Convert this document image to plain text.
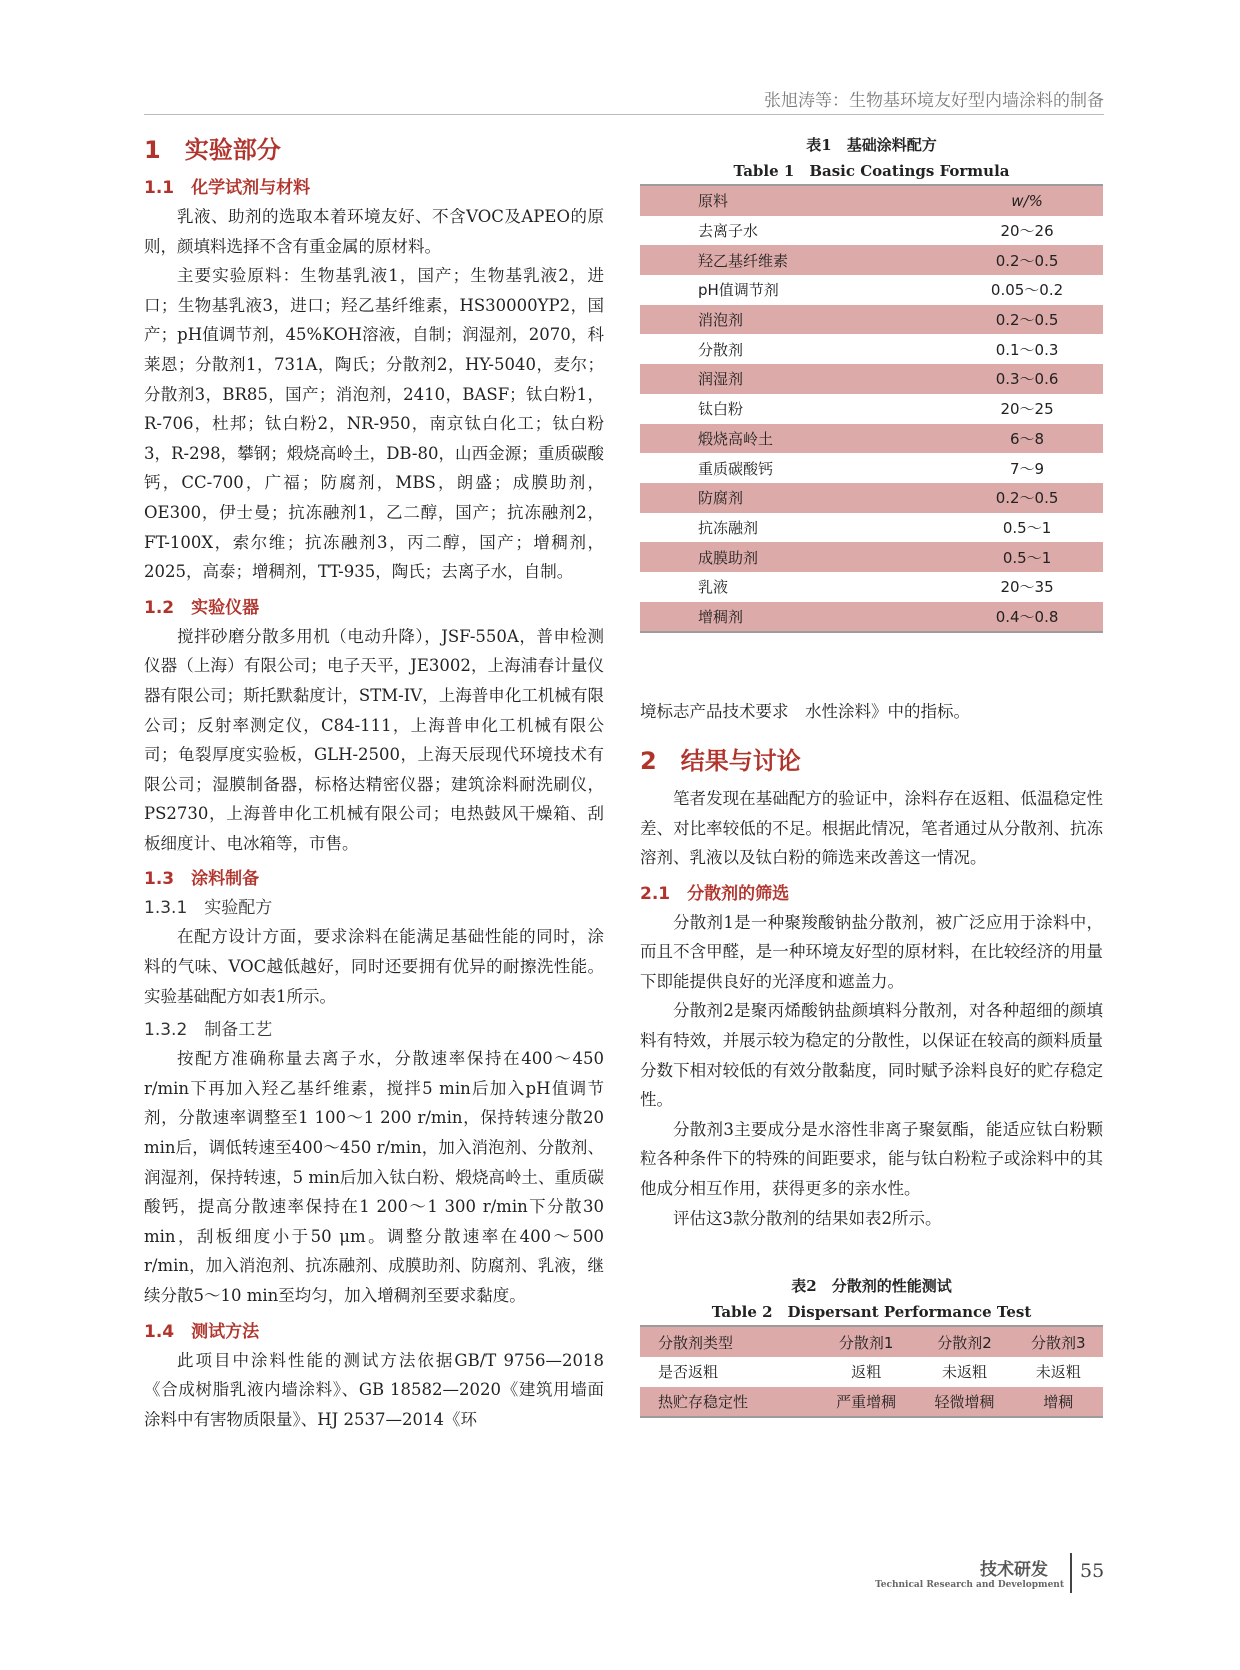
张旭涛等：生物基环境友好型内墙涂料的制备
1　实验部分
1.1　化学试剂与材料

乳液、助剂的选取本着环境友好、不含VOC及APEO的原则，颜填料选择不含有重金属的原材料。

主要实验原料：生物基乳液1，国产；生物基乳液2，进口；生物基乳液3，进口；羟乙基纤维素，HS30000YP2，国产；pH值调节剂，45%KOH溶液，自制；润湿剂，2070，科莱恩；分散剂1，731A，陶氏；分散剂2，HY-5040，麦尔；分散剂3，BR85，国产；消泡剂，2410，BASF；钛白粉1，R-706，杜邦；钛白粉2，NR-950，南京钛白化工；钛白粉3，R-298，攀钢；煅烧高岭土，DB-80，山西金源；重质碳酸钙，CC-700，广福；防腐剂，MBS，朗盛；成膜助剂，OE300，伊士曼；抗冻融剂1，乙二醇，国产；抗冻融剂2，FT-100X，索尔维；抗冻融剂3，丙二醇，国产；增稠剂，2025，高泰；增稠剂，TT-935，陶氏；去离子水，自制。

1.2　实验仪器

搅拌砂磨分散多用机（电动升降），JSF-550A，普申检测仪器（上海）有限公司；电子天平，JE3002，上海浦春计量仪器有限公司；斯托默黏度计，STM-IV，上海普申化工机械有限公司；反射率测定仪，C84-111，上海普申化工机械有限公司；龟裂厚度实验板，GLH-2500，上海天辰现代环境技术有限公司；湿膜制备器，标格达精密仪器；建筑涂料耐洗刷仪，PS2730，上海普申化工机械有限公司；电热鼓风干燥箱、刮板细度计、电冰箱等，市售。

1.3　涂料制备
1.3.1　实验配方

在配方设计方面，要求涂料在能满足基础性能的同时，涂料的气味、VOC越低越好，同时还要拥有优异的耐擦洗性能。实验基础配方如表1所示。

1.3.2　制备工艺

按配方准确称量去离子水，分散速率保持在400～450 r/min下再加入羟乙基纤维素，搅拌5 min后加入pH值调节剂，分散速率调整至1 100～1 200 r/min，保持转速分散20 min后，调低转速至400～450 r/min，加入消泡剂、分散剂、润湿剂，保持转速，5 min后加入钛白粉、煅烧高岭土、重质碳酸钙，提高分散速率保持在1 200～1 300 r/min下分散30 min，刮板细度小于50 μm。调整分散速率在400～500 r/min，加入消泡剂、抗冻融剂、成膜助剂、防腐剂、乳液，继续分散5～10 min至均匀，加入增稠剂至要求黏度。

1.4　测试方法

此项目中涂料性能的测试方法依据GB/T 9756—2018《合成树脂乳液内墙涂料》、GB 18582—2020《建筑用墙面涂料中有害物质限量》、HJ 2537—2014《环

表1　基础涂料配方
Table 1　Basic Coatings Formula
原料	w/%
去离子水	20～26
羟乙基纤维素	0.2～0.5
pH值调节剂	0.05～0.2
消泡剂	0.2～0.5
分散剂	0.1～0.3
润湿剂	0.3～0.6
钛白粉	20～25
煅烧高岭土	6～8
重质碳酸钙	7～9
防腐剂	0.2～0.5
抗冻融剂	0.5～1
成膜助剂	0.5～1
乳液	20～35
增稠剂	0.4～0.8

境标志产品技术要求　水性涂料》中的指标。

2　结果与讨论

笔者发现在基础配方的验证中，涂料存在返粗、低温稳定性差、对比率较低的不足。根据此情况，笔者通过从分散剂、抗冻溶剂、乳液以及钛白粉的筛选来改善这一情况。

2.1　分散剂的筛选

分散剂1是一种聚羧酸钠盐分散剂，被广泛应用于涂料中，而且不含甲醛，是一种环境友好型的原材料，在比较经济的用量下即能提供良好的光泽度和遮盖力。

分散剂2是聚丙烯酸钠盐颜填料分散剂，对各种超细的颜填料有特效，并展示较为稳定的分散性，以保证在较高的颜料质量分数下相对较低的有效分散黏度，同时赋予涂料良好的贮存稳定性。

分散剂3主要成分是水溶性非离子聚氨酯，能适应钛白粉颗粒各种条件下的特殊的间距要求，能与钛白粉粒子或涂料中的其他成分相互作用，获得更多的亲水性。

评估这3款分散剂的结果如表2所示。

表2　分散剂的性能测试
Table 2　Dispersant Performance Test
分散剂类型	分散剂1	分散剂2	分散剂3
是否返粗	返粗	未返粗	未返粗
热贮存稳定性	严重增稠	轻微增稠	增稠
技术研发
Technical Research and Development
55
